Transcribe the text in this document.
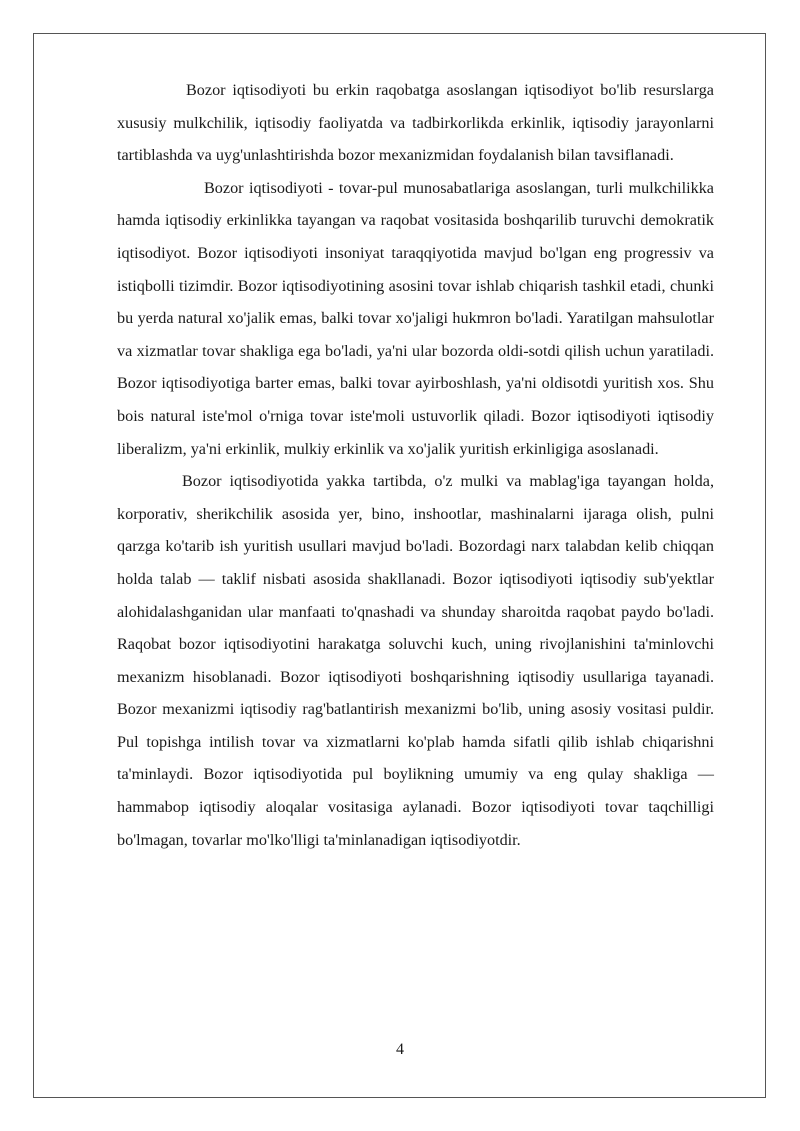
Bozor iqtisodiyoti bu erkin raqobatga asoslangan iqtisodiyot bo'lib resurslarga xususiy mulkchilik, iqtisodiy faoliyatda va tadbirkorlikda erkinlik, iqtisodiy jarayonlarni tartiblashda va uyg'unlashtirishda bozor mexanizmidan foydalanish bilan tavsiflanadi.

Bozor iqtisodiyoti - tovar-pul munosabatlariga asoslangan, turli mulkchilikka hamda iqtisodiy erkinlikka tayangan va raqobat vositasida boshqarilib turuvchi demokratik iqtisodiyot. Bozor iqtisodiyoti insoniyat taraqqiyotida mavjud bo'lgan eng progressiv va istiqbolli tizimdir. Bozor iqtisodiyotining asosini tovar ishlab chiqarish tashkil etadi, chunki bu yerda natural xo'jalik emas, balki tovar xo'jaligi hukmron bo'ladi. Yaratilgan mahsulotlar va xizmatlar tovar shakliga ega bo'ladi, ya'ni ular bozorda oldi-sotdi qilish uchun yaratiladi. Bozor iqtisodiyotiga barter emas, balki tovar ayirboshlash, ya'ni oldisotdi yuritish xos. Shu bois natural iste'mol o'rniga tovar iste'moli ustuvorlik qiladi. Bozor iqtisodiyoti iqtisodiy liberalizm, ya'ni erkinlik, mulkiy erkinlik va xo'jalik yuritish erkinligiga asoslanadi.

Bozor iqtisodiyotida yakka tartibda, o'z mulki va mablag'iga tayangan holda, korporativ, sherikchilik asosida yer, bino, inshootlar, mashinalarni ijaraga olish, pulni qarzga ko'tarib ish yuritish usullari mavjud bo'ladi. Bozordagi narx talabdan kelib chiqqan holda talab — taklif nisbati asosida shakllanadi. Bozor iqtisodiyoti iqtisodiy sub'yektlar alohidalashganidan ular manfaati to'qnashadi va shunday sharoitda raqobat paydo bo'ladi. Raqobat bozor iqtisodiyotini harakatga soluvchi kuch, uning rivojlanishini ta'minlovchi mexanizm hisoblanadi. Bozor iqtisodiyoti boshqarishning iqtisodiy usullariga tayanadi. Bozor mexanizmi iqtisodiy rag'batlantirish mexanizmi bo'lib, uning asosiy vositasi puldir. Pul topishga intilish tovar va xizmatlarni ko'plab hamda sifatli qilib ishlab chiqarishni ta'minlaydi. Bozor iqtisodiyotida pul boylikning umumiy va eng qulay shakliga — hammabop iqtisodiy aloqalar vositasiga aylanadi. Bozor iqtisodiyoti tovar taqchilligi bo'lmagan, tovarlar mo'lko'lligi ta'minlanadigan iqtisodiyotdir.

4
